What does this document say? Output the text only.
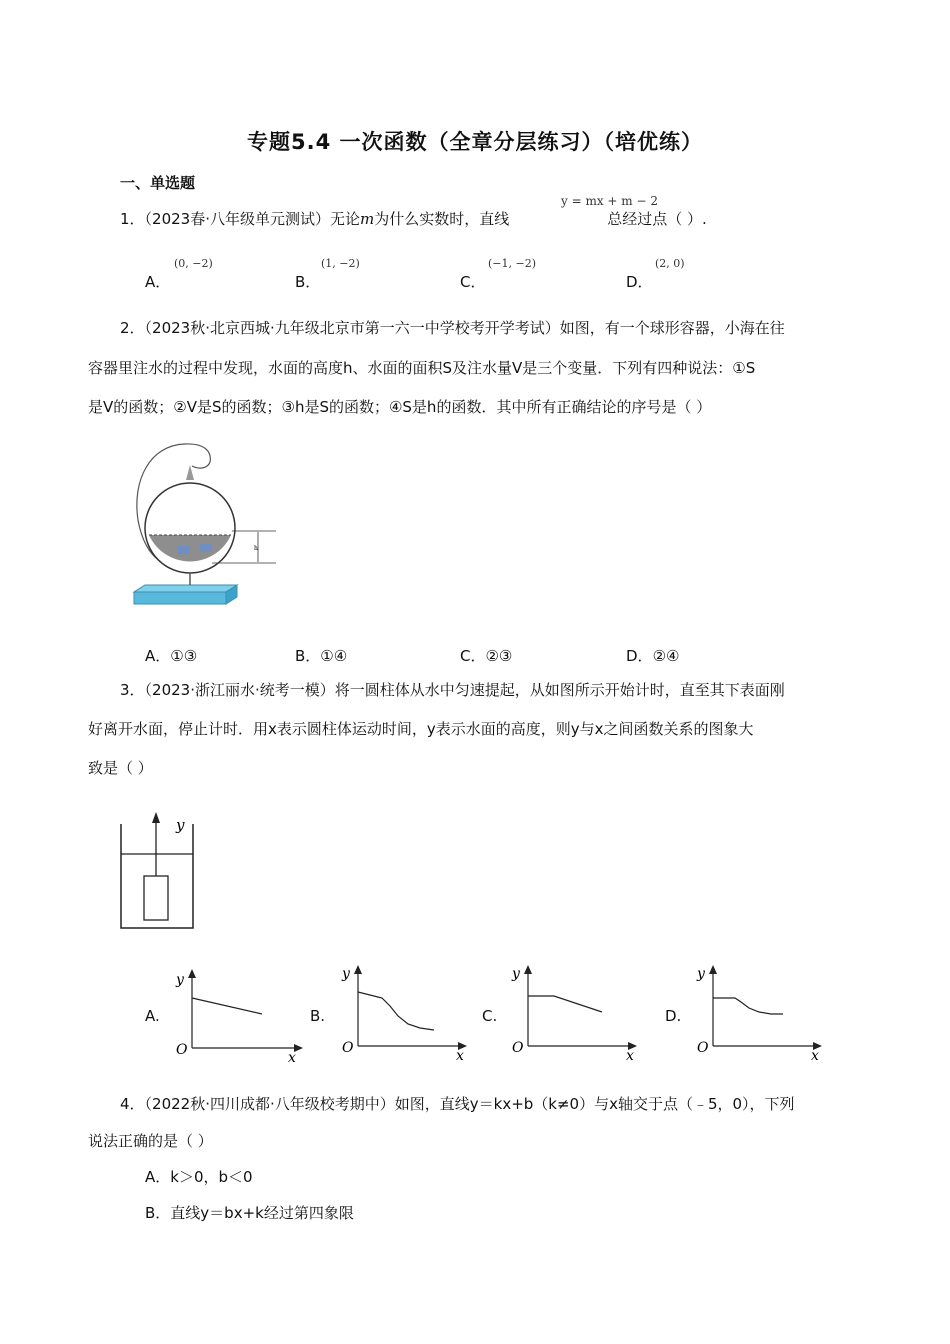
专题5.4 一次函数（全章分层练习）（培优练）
一、单选题
1．（2023春·八年级单元测试）无论m为什么实数时，直线	总经过点（ ）.
y = mx + m − 2
A．
(0, −2)
B．
(1, −2)
C．
(−1, −2)
D．
(2, 0)
2．（2023秋·北京西城·九年级北京市第一六一中学校考开学考试）如图，有一个球形容器，小海在往
容器里注水的过程中发现，水面的高度h、水面的面积S及注水量V是三个变量．下列有四种说法：①S
是V的函数；②V是S的函数；③h是S的函数；④S是h的函数．其中所有正确结论的序号是（ ）
h
A．①③	B．①④	C．②③	D．②④
3．（2023·浙江丽水·统考一模）将一圆柱体从水中匀速提起，从如图所示开始计时，直至其下表面刚
好离开水面，停止计时．用x表示圆柱体运动时间，y表示水面的高度，则y与x之间函数关系的图象大
致是（ ）
y
A.
y
O	x
B.
y
O	x
C.
y
O	x
D.
y
O	x
4．（2022秋·四川成都·八年级校考期中）如图，直线y＝kx+b（k≠0）与x轴交于点（﹣5，0），下列
说法正确的是（ ）
A．k＞0，b＜0
B．直线y＝bx+k经过第四象限
